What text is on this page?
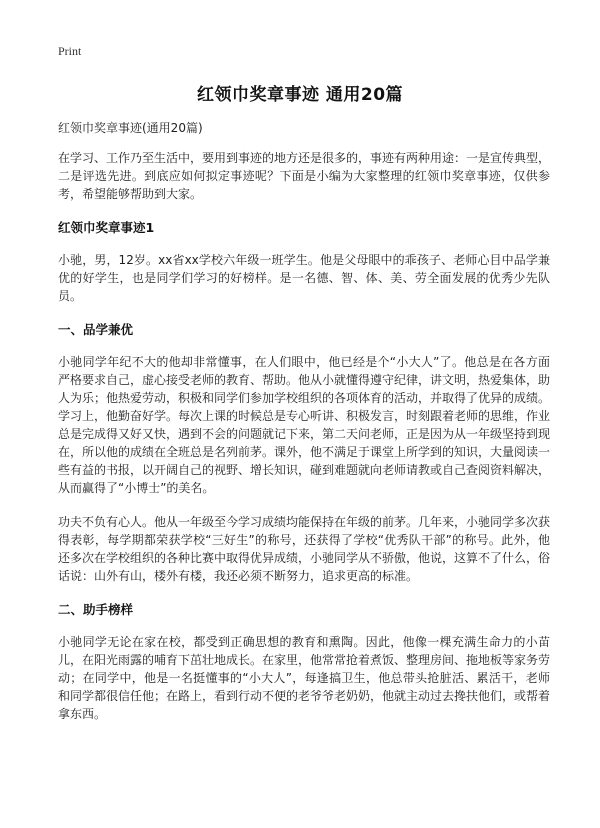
Print
红领巾奖章事迹 通用20篇

红领巾奖章事迹(通用20篇)

在学习、工作乃至生活中，要用到事迹的地方还是很多的，事迹有两种用途：一是宣传典型，二是评选先进。到底应如何拟定事迹呢？下面是小编为大家整理的红领巾奖章事迹，仅供参考，希望能够帮助到大家。

红领巾奖章事迹1

小驰，男，12岁。xx省xx学校六年级一班学生。他是父母眼中的乖孩子、老师心目中品学兼优的好学生，也是同学们学习的好榜样。是一名德、智、体、美、劳全面发展的优秀少先队员。

一、品学兼优

小驰同学年纪不大的他却非常懂事，在人们眼中，他已经是个“小大人”了。他总是在各方面严格要求自己，虚心接受老师的教育、帮助。他从小就懂得遵守纪律，讲文明，热爱集体，助人为乐；他热爱劳动，积极和同学们参加学校组织的各项体育的活动，并取得了优异的成绩。学习上，他勤奋好学。每次上课的时候总是专心听讲、积极发言，时刻跟着老师的思维，作业总是完成得又好又快，遇到不会的问题就记下来，第二天问老师，正是因为从一年级坚持到现在，所以他的成绩在全班总是名列前茅。课外，他不满足于课堂上所学到的知识，大量阅读一些有益的书报，以开阔自己的视野、增长知识，碰到难题就向老师请教或自己查阅资料解决，从而赢得了“小博士”的美名。

功夫不负有心人。他从一年级至今学习成绩均能保持在年级的前茅。几年来，小驰同学多次获得表彰，每学期都荣获学校“三好生”的称号，还获得了学校“优秀队干部”的称号。此外，他还多次在学校组织的各种比赛中取得优异成绩，小驰同学从不骄傲，他说，这算不了什么，俗话说：山外有山，楼外有楼，我还必须不断努力，追求更高的标准。

二、助手榜样

小驰同学无论在家在校，都受到正确思想的教育和熏陶。因此，他像一棵充满生命力的小苗儿，在阳光雨露的哺育下茁壮地成长。在家里，他常常抢着煮饭、整理房间、拖地板等家务劳动；在同学中，他是一名挺懂事的“小大人”，每逢搞卫生，他总带头抢脏活、累活干，老师和同学都很信任他；在路上，看到行动不便的老爷爷老奶奶，他就主动过去搀扶他们，或帮着拿东西。
